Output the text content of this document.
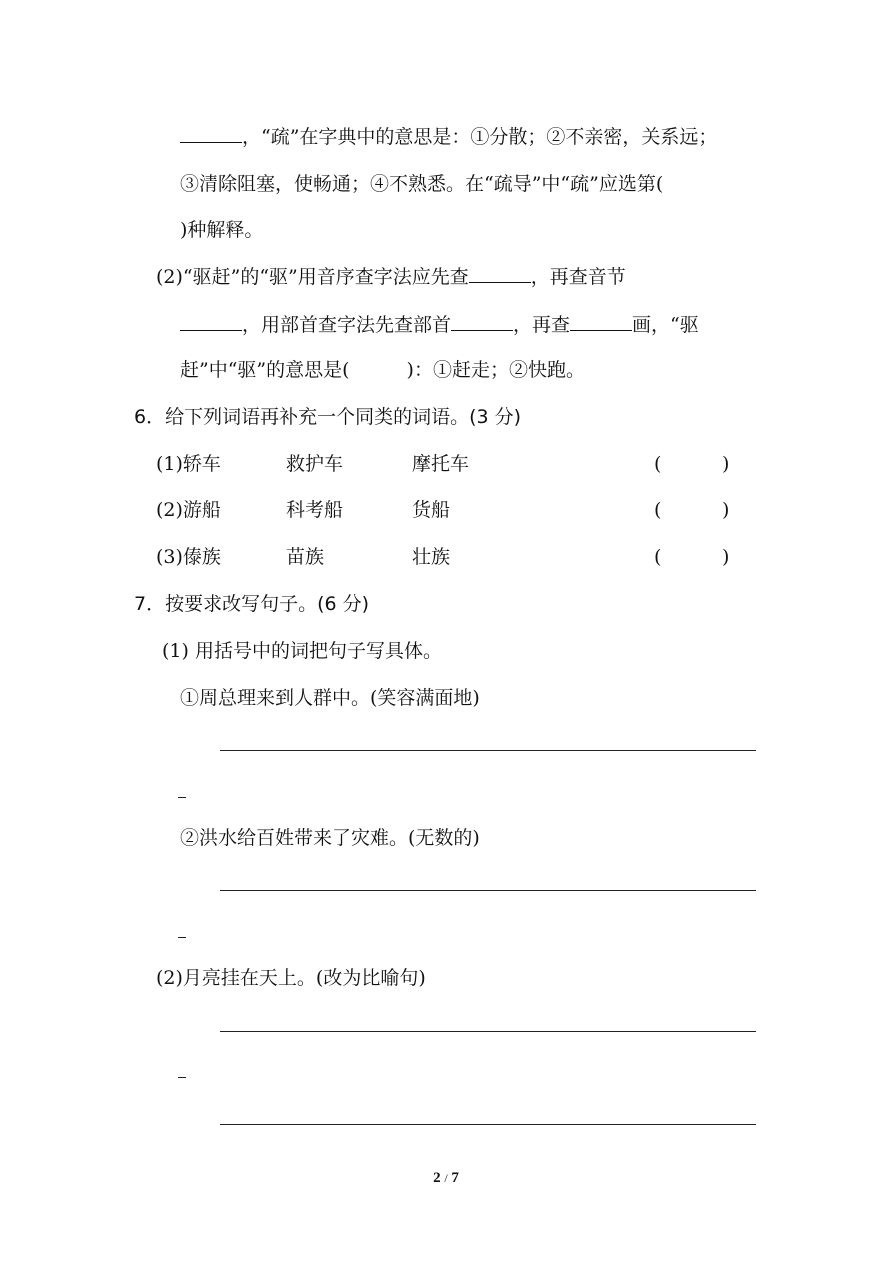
，“疏”在字典中的意思是：①分散；②不亲密，关系远；
③清除阻塞，使畅通；④不熟悉。在“疏导”中“疏”应选第(
)种解释。
(2)“驱赶”的“驱”用音序查字法应先查	，再查音节
，用部首查字法先查部首	，再查	画，“驱
赶”中“驱”的意思是(　　　)：①赶走；②快跑。
6．给下列词语再补充一个同类的词语。(3 分)
(1)轿车	救护车	摩托车	(	)
(2)游船	科考船	货船	(	)
(3)傣族	苗族	壮族	(	)
7．按要求改写句子。(6 分)
(1) 用括号中的词把句子写具体。
①周总理来到人群中。(笑容满面地)
②洪水给百姓带来了灾难。(无数的)
(2)月亮挂在天上。(改为比喻句)
2 / 7
